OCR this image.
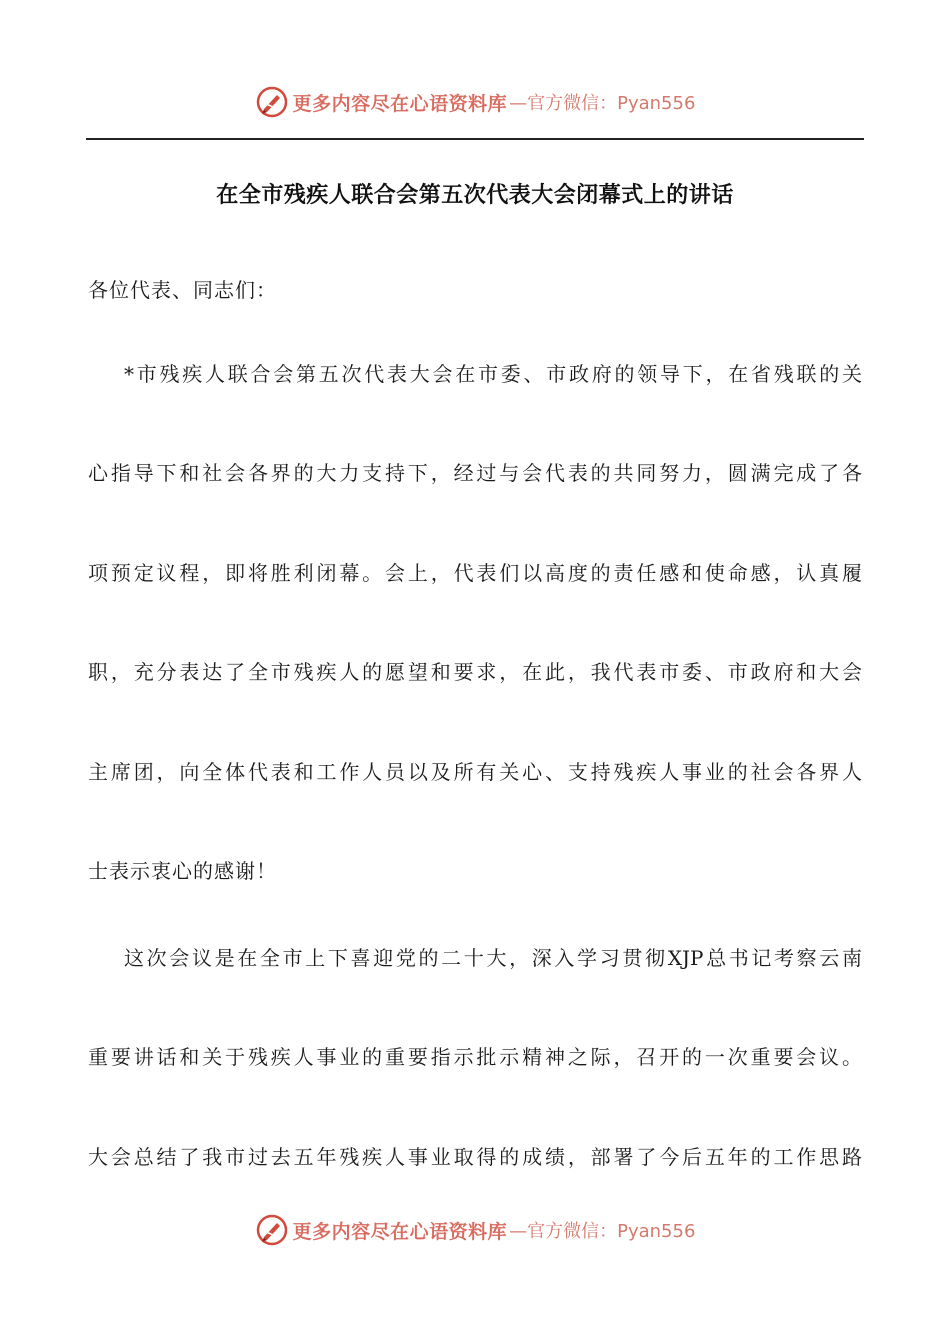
更多内容尽在心语资料库 —官方微信：Pyan556
在全市残疾人联合会第五次代表大会闭幕式上的讲话
各位代表、同志们：
*市残疾人联合会第五次代表大会在市委、市政府的领导下，在省残联的关
心指导下和社会各界的大力支持下，经过与会代表的共同努力，圆满完成了各
项预定议程，即将胜利闭幕。会上，代表们以高度的责任感和使命感，认真履
职，充分表达了全市残疾人的愿望和要求，在此，我代表市委、市政府和大会
主席团，向全体代表和工作人员以及所有关心、支持残疾人事业的社会各界人
士表示衷心的感谢！
这次会议是在全市上下喜迎党的二十大，深入学习贯彻XJP总书记考察云南
重要讲话和关于残疾人事业的重要指示批示精神之际，召开的一次重要会议。
大会总结了我市过去五年残疾人事业取得的成绩，部署了今后五年的工作思路
更多内容尽在心语资料库 —官方微信：Pyan556
